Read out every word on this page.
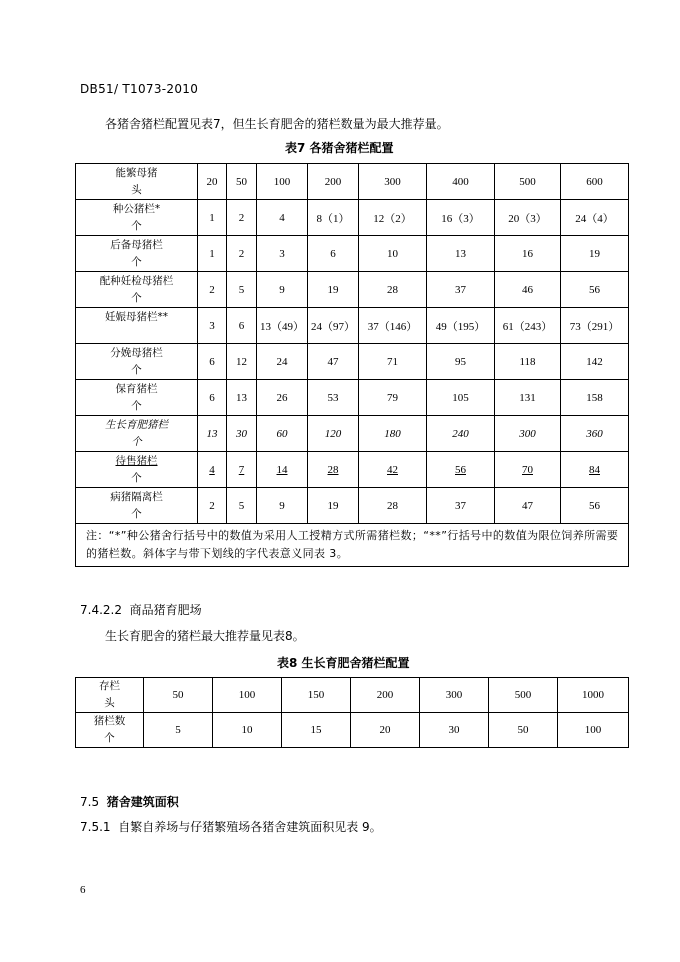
DB51/ T1073-2010
各猪舍猪栏配置见表7，但生长育肥舍的猪栏数量为最大推荐量。
表7 各猪舍猪栏配置
能繁母猪
头	20	50	100	200	300	400	500	600

种公猪栏*
个	1	2	4	8（1）	12（2）	16（3）	20（3）	24（4）

后备母猪栏
个	1	2	3	6	10	13	16	19

配种妊检母猪栏
个	2	5	9	19	28	37	46	56

妊娠母猪栏**	3	6	13（49）	24（97）	37（146）	49（195）	61（243）	73（291）

分娩母猪栏
个	6	12	24	47	71	95	118	142

保育猪栏
个	6	13	26	53	79	105	131	158

生长育肥猪栏
个	13	30	60	120	180	240	300	360

待售猪栏
个	4	7	14	28	42	56	70	84

病猪隔离栏
个	2	5	9	19	28	37	47	56
注：“*”种公猪舍行括号中的数值为采用人工授精方式所需猪栏数；“**”行括号中的数值为限位饲养所需要的猪栏数。斜体字与带下划线的字代表意义同表 3。								
7.4.2.2 商品猪育肥场
生长育肥舍的猪栏最大推荐量见表8。
表8 生长育肥舍猪栏配置
存栏
头	50	100	150	200	300	500	1000

猪栏数
个	5	10	15	20	30	50	100
7.5 猪舍建筑面积
7.5.1 自繁自养场与仔猪繁殖场各猪舍建筑面积见表 9。
6
